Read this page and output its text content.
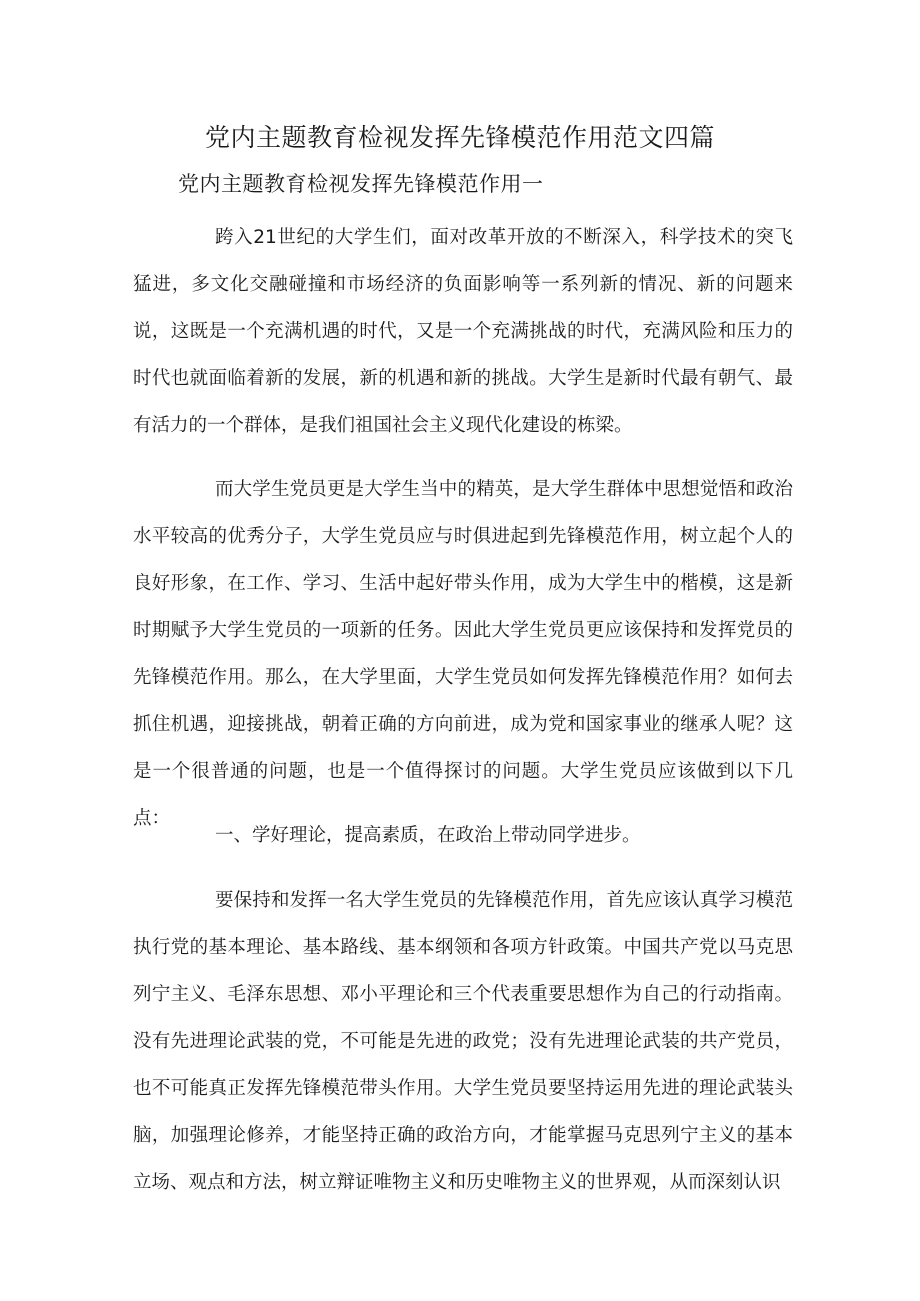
党内主题教育检视发挥先锋模范作用范文四篇
党内主题教育检视发挥先锋模范作用一

跨入21世纪的大学生们，面对改革开放的不断深入，科学技术的突飞猛进，多文化交融碰撞和市场经济的负面影响等一系列新的情况、新的问题来说，这既是一个充满机遇的时代，又是一个充满挑战的时代，充满风险和压力的时代也就面临着新的发展，新的机遇和新的挑战。大学生是新时代最有朝气、最有活力的一个群体，是我们祖国社会主义现代化建设的栋梁。

而大学生党员更是大学生当中的精英，是大学生群体中思想觉悟和政治水平较高的优秀分子，大学生党员应与时俱进起到先锋模范作用，树立起个人的良好形象，在工作、学习、生活中起好带头作用，成为大学生中的楷模，这是新时期赋予大学生党员的一项新的任务。因此大学生党员更应该保持和发挥党员的先锋模范作用。那么，在大学里面，大学生党员如何发挥先锋模范作用？如何去抓住机遇，迎接挑战，朝着正确的方向前进，成为党和国家事业的继承人呢？这是一个很普通的问题，也是一个值得探讨的问题。大学生党员应该做到以下几点：

一、学好理论，提高素质，在政治上带动同学进步。

要保持和发挥一名大学生党员的先锋模范作用，首先应该认真学习模范执行党的基本理论、基本路线、基本纲领和各项方针政策。中国共产党以马克思列宁主义、毛泽东思想、邓小平理论和三个代表重要思想作为自己的行动指南。没有先进理论武装的党，不可能是先进的政党；没有先进理论武装的共产党员，也不可能真正发挥先锋模范带头作用。大学生党员要坚持运用先进的理论武装头脑，加强理论修养，才能坚持正确的政治方向，才能掌握马克思列宁主义的基本立场、观点和方法，树立辩证唯物主义和历史唯物主义的世界观，从而深刻认识
